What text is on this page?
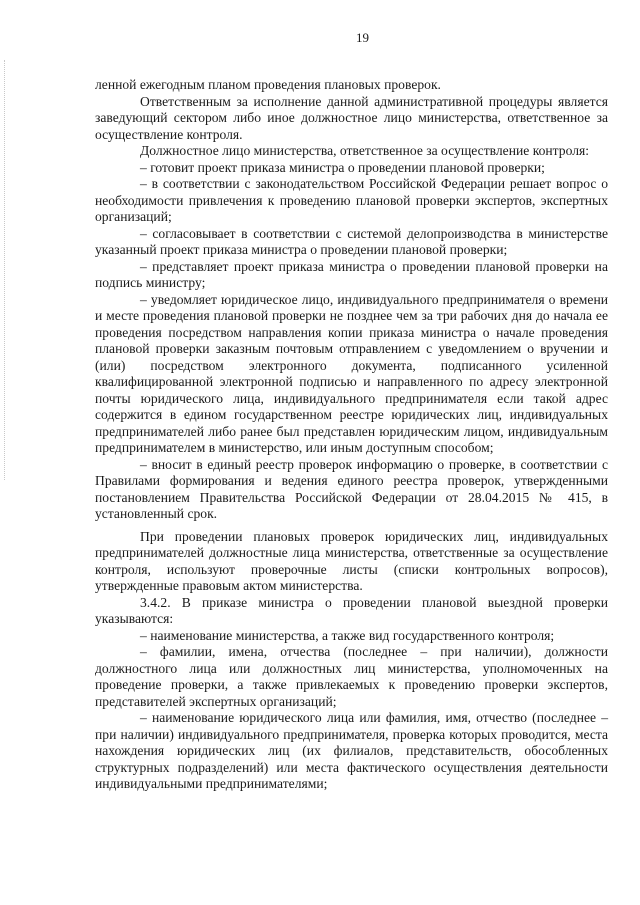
19

ленной ежегодным планом проведения плановых проверок.

Ответственным за исполнение данной административной процедуры является заведующий сектором либо иное должностное лицо министерства, ответственное за осуществление контроля.

Должностное лицо министерства, ответственное за осуществление контроля:

– готовит проект приказа министра о проведении плановой проверки;

– в соответствии с законодательством Российской Федерации решает вопрос о необходимости привлечения к проведению плановой проверки экспертов, экспертных организаций;

– согласовывает в соответствии с системой делопроизводства в министерстве указанный проект приказа министра о проведении плановой проверки;

– представляет проект приказа министра о проведении плановой проверки на подпись министру;

– уведомляет юридическое лицо, индивидуального предпринимателя о времени и месте проведения плановой проверки не позднее чем за три рабочих дня до начала ее проведения посредством направления копии приказа министра о начале проведения плановой проверки заказным почтовым отправлением с уведомлением о вручении и (или) посредством электронного документа, подписанного усиленной квалифицированной электронной подписью и направленного по адресу электронной почты юридического лица, индивидуального предпринимателя если такой адрес содержится в едином государственном реестре юридических лиц, индивидуальных предпринимателей либо ранее был представлен юридическим лицом, индивидуальным предпринимателем в министерство, или иным доступным способом;

– вносит в единый реестр проверок информацию о проверке, в соответствии с Правилами формирования и ведения единого реестра проверок, утвержденными постановлением Правительства Российской Федерации от 28.04.2015 № 415, в установленный срок.

При проведении плановых проверок юридических лиц, индивидуальных предпринимателей должностные лица министерства, ответственные за осуществление контроля, используют проверочные листы (списки контрольных вопросов), утвержденные правовым актом министерства.

3.4.2. В приказе министра о проведении плановой выездной проверки указываются:

– наименование министерства, а также вид государственного контроля;

– фамилии, имена, отчества (последнее – при наличии), должности должностного лица или должностных лиц министерства, уполномоченных на проведение проверки, а также привлекаемых к проведению проверки экспертов, представителей экспертных организаций;

– наименование юридического лица или фамилия, имя, отчество (последнее – при наличии) индивидуального предпринимателя, проверка которых проводится, места нахождения юридических лиц (их филиалов, представительств, обособленных структурных подразделений) или места фактического осуществления деятельности индивидуальными предпринимателями;
